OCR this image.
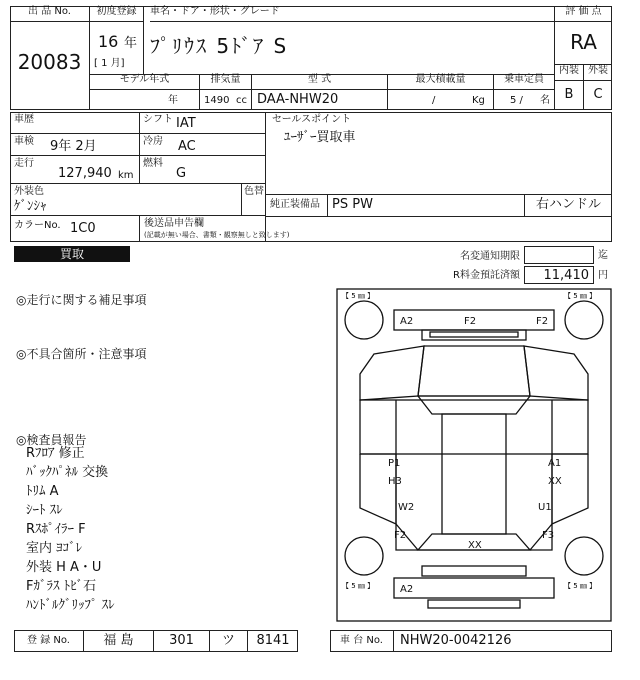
出 品 No.
20083
初度登録
16 年
[ 1 月]
車名・ドア・形状・グレード
ﾌﾟﾘｳｽ 5ﾄﾞｱ S
評 価 点
RA
内装 外装
B	C
モデル年式	排気量	型 式	最大積載量	乗車定員
年	1490 cc DAA-NHW20	/	Kg	5 / 名
車歴	シフト IAT
車検 9年 2月	冷房 AC
走行
127,940 km
燃料
G
外装色
ｹﾞﾝｼｬ
色替
カラーNo. 1C0	後送品申告欄
(記載が無い場合、書類・観察無しと致します)
セールスポイント
ﾕｰｻﾞｰ買取車
純正装備品 PS PW	右ハンドル
買取	名変通知期限	迄
R料金預託済額	11,410 円
◎走行に関する補足事項
◎不具合箇所・注意事項
◎検査員報告
Rﾌﾛｱ 修正
ﾊﾞｯｸﾊﾟﾈﾙ 交換
ﾄﾘﾑ A
ｼｰﾄ ｽﾚ
Rｽﾎﾟｲﾗｰ F
室内 ﾖｺﾞﾚ
外装 H A・U
Fｶﾞﾗｽ ﾄﾋﾞ石
ﾊﾝﾄﾞﾙｸﾞﾘｯﾌﾟ ｽﾚ
【 5 ㎜ 】	【 5 ㎜ 】
【 5 ㎜ 】	【 5 ㎜ 】
A2	F2	F2
P1
H3
A1
XX
W2	U1
F2	F3
XX
A2
登 録 No.	福 島	301	ツ	8141	車 台 No.	NHW20-0042126
